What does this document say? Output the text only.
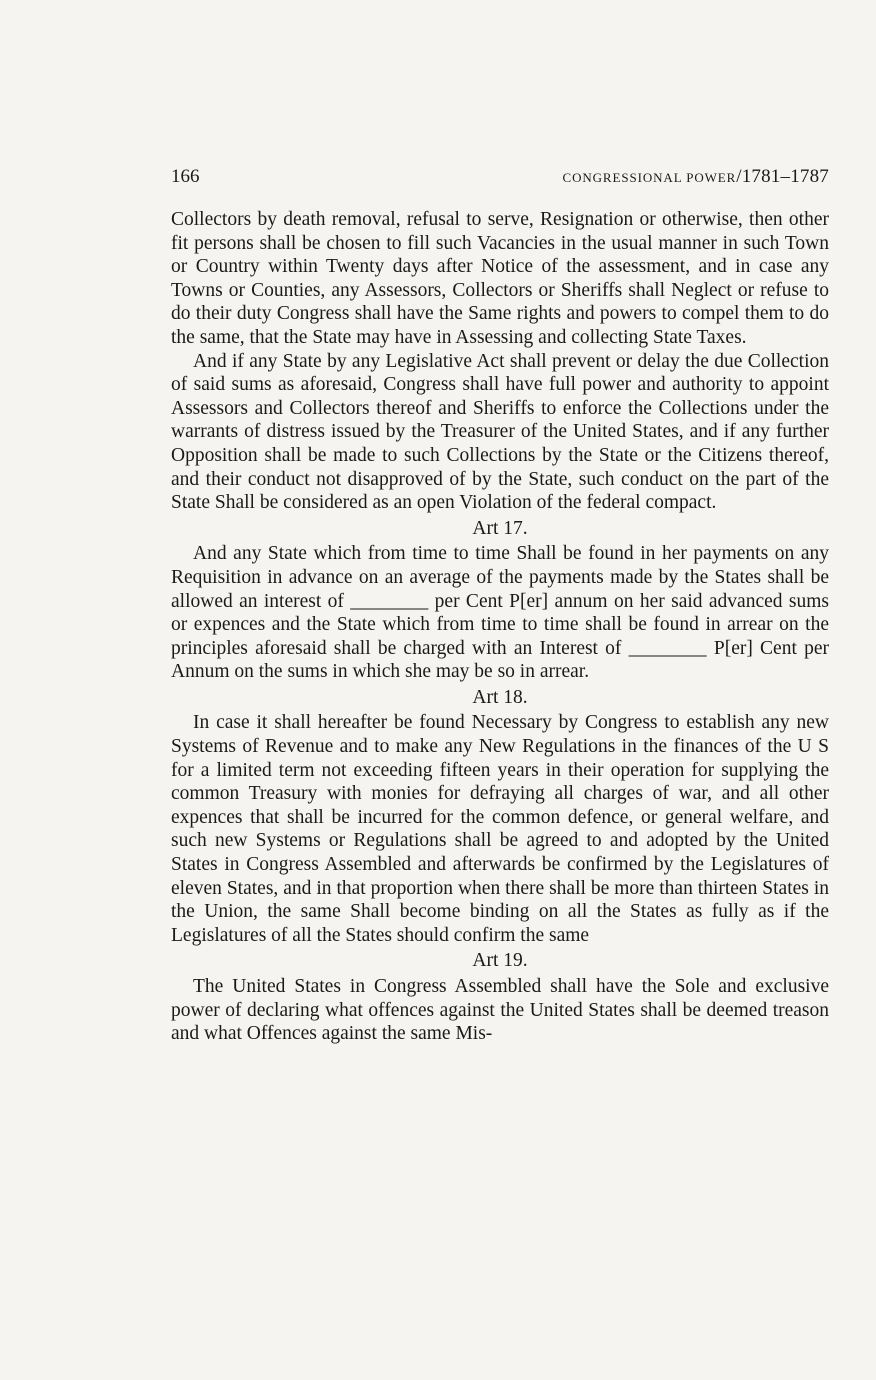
166	CONGRESSIONAL POWER/1781–1787

Collectors by death removal, refusal to serve, Resignation or otherwise, then other fit persons shall be chosen to fill such Vacancies in the usual manner in such Town or Country within Twenty days after Notice of the assessment, and in case any Towns or Counties, any Assessors, Collectors or Sheriffs shall Neglect or refuse to do their duty Congress shall have the Same rights and powers to compel them to do the same, that the State may have in Assessing and collecting State Taxes.

And if any State by any Legislative Act shall prevent or delay the due Collection of said sums as aforesaid, Congress shall have full power and authority to appoint Assessors and Collectors thereof and Sheriffs to enforce the Collections under the warrants of distress issued by the Treasurer of the United States, and if any further Opposition shall be made to such Collections by the State or the Citizens thereof, and their conduct not disapproved of by the State, such conduct on the part of the State Shall be considered as an open Violation of the federal compact.

Art 17.

And any State which from time to time Shall be found in her payments on any Requisition in advance on an average of the payments made by the States shall be allowed an interest of ________ per Cent P[er] annum on her said advanced sums or expences and the State which from time to time shall be found in arrear on the principles aforesaid shall be charged with an Interest of ________ P[er] Cent per Annum on the sums in which she may be so in arrear.

Art 18.

In case it shall hereafter be found Necessary by Congress to establish any new Systems of Revenue and to make any New Regulations in the finances of the U S for a limited term not exceeding fifteen years in their operation for supplying the common Treasury with monies for defraying all charges of war, and all other expences that shall be incurred for the common defence, or general welfare, and such new Systems or Regulations shall be agreed to and adopted by the United States in Congress Assembled and afterwards be confirmed by the Legislatures of eleven States, and in that proportion when there shall be more than thirteen States in the Union, the same Shall become binding on all the States as fully as if the Legislatures of all the States should confirm the same

Art 19.

The United States in Congress Assembled shall have the Sole and exclusive power of declaring what offences against the United States shall be deemed treason and what Offences against the same Mis-
